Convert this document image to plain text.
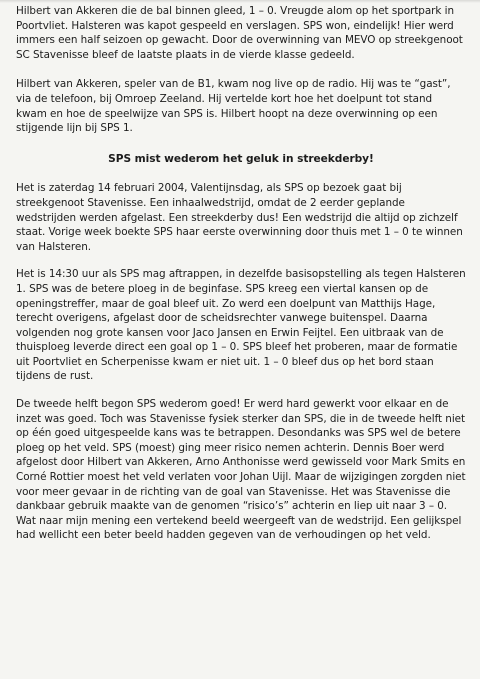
Hilbert van Akkeren die de bal binnen gleed, 1 – 0. Vreugde alom op het sportpark in Poortvliet. Halsteren was kapot gespeeld en verslagen. SPS won, eindelijk! Hier werd immers een half seizoen op gewacht. Door de overwinning van MEVO op streekgenoot SC Stavenisse bleef de laatste plaats in de vierde klasse gedeeld.

Hilbert van Akkeren, speler van de B1, kwam nog live op de radio. Hij was te “gast”, via de telefoon, bij Omroep Zeeland. Hij vertelde kort hoe het doelpunt tot stand kwam en hoe de speelwijze van SPS is. Hilbert hoopt na deze overwinning op een stijgende lijn bij SPS 1.

SPS mist wederom het geluk in streekderby!

Het is zaterdag 14 februari 2004, Valentijnsdag, als SPS op bezoek gaat bij streekgenoot Stavenisse. Een inhaalwedstrijd, omdat de 2 eerder geplande wedstrijden werden afgelast. Een streekderby dus! Een wedstrijd die altijd op zichzelf staat. Vorige week boekte SPS haar eerste overwinning door thuis met 1 – 0 te winnen van Halsteren.

Het is 14:30 uur als SPS mag aftrappen, in dezelfde basisopstelling als tegen Halsteren 1. SPS was de betere ploeg in de beginfase. SPS kreeg een viertal kansen op de openingstreffer, maar de goal bleef uit. Zo werd een doelpunt van Matthijs Hage, terecht overigens, afgelast door de scheidsrechter vanwege buitenspel. Daarna volgenden nog grote kansen voor Jaco Jansen en Erwin Feijtel. Een uitbraak van de thuisploeg leverde direct een goal op 1 – 0. SPS bleef het proberen, maar de formatie uit Poortvliet en Scherpenisse kwam er niet uit. 1 – 0 bleef dus op het bord staan tijdens de rust.

De tweede helft begon SPS wederom goed! Er werd hard gewerkt voor elkaar en de inzet was goed. Toch was Stavenisse fysiek sterker dan SPS, die in de tweede helft niet op één goed uitgespeelde kans was te betrappen. Desondanks was SPS wel de betere ploeg op het veld. SPS (moest) ging meer risico nemen achterin. Dennis Boer werd afgelost door Hilbert van Akkeren, Arno Anthonisse werd gewisseld voor Mark Smits en Corné Rottier moest het veld verlaten voor Johan Uijl. Maar de wijzigingen zorgden niet voor meer gevaar in de richting van de goal van Stavenisse. Het was Stavenisse die dankbaar gebruik maakte van de genomen “risico’s” achterin en liep uit naar 3 – 0. Wat naar mijn mening een vertekend beeld weergeeft van de wedstrijd. Een gelijkspel had wellicht een beter beeld hadden gegeven van de verhoudingen op het veld.
